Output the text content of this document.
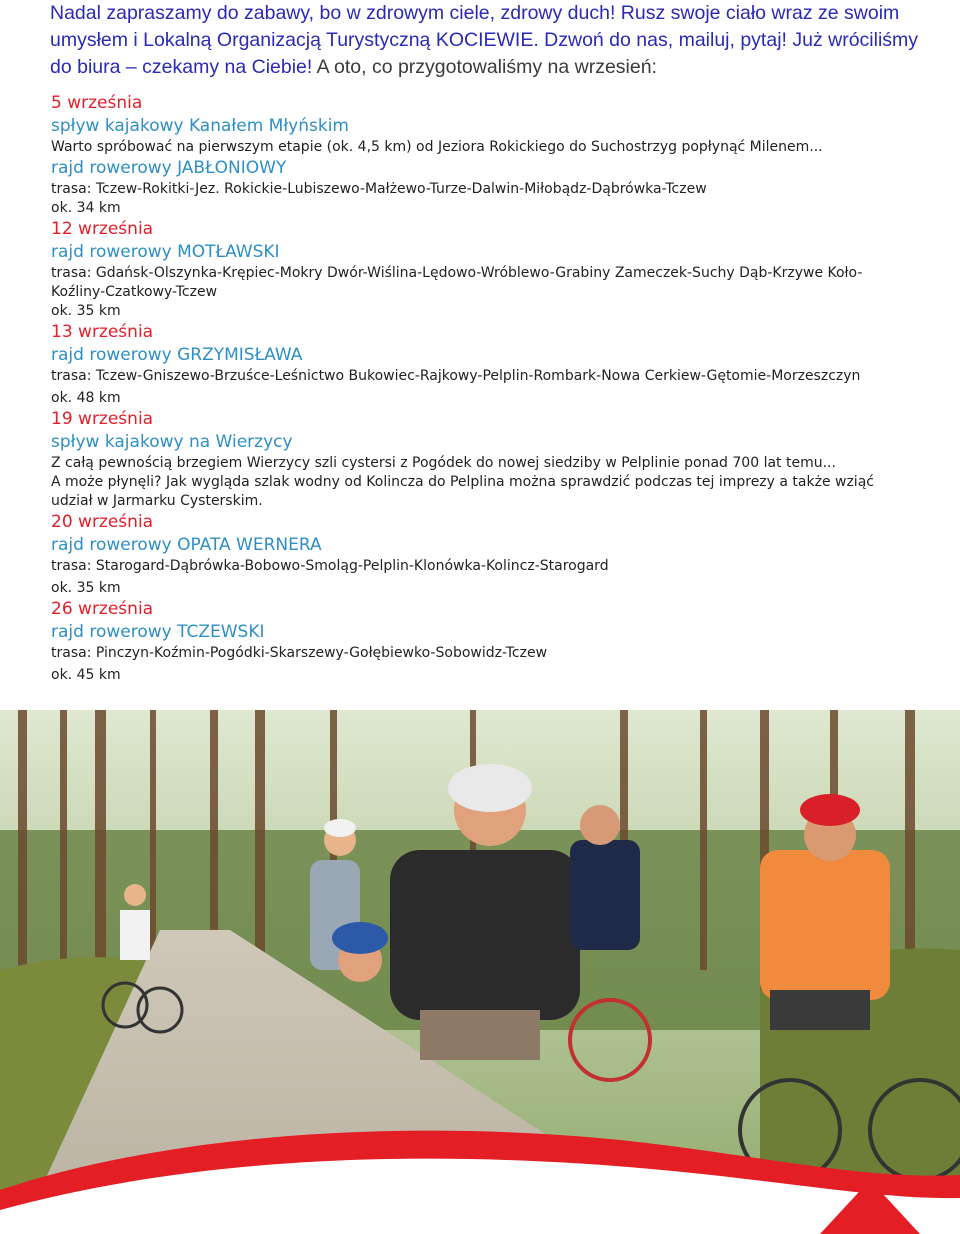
Nadal zapraszamy do zabawy, bo w zdrowym ciele, zdrowy duch! Rusz swoje ciało wraz ze swoim

umysłem i Lokalną Organizacją Turystyczną KOCIEWIE. Dzwoń do nas, mailuj, pytaj! Już wróciliśmy

do biura – czekamy na Ciebie! A oto, co przygotowaliśmy na wrzesień:

5 września

spływ kajakowy Kanałem Młyńskim

Warto spróbować na pierwszym etapie (ok. 4,5 km) od Jeziora Rokickiego do Suchostrzyg popłynąć Milenem...

rajd rowerowy JABŁONIOWY

trasa: Tczew-Rokitki-Jez. Rokickie-Lubiszewo-Małżewo-Turze-Dalwin-Miłobądz-Dąbrówka-Tczew

ok. 34 km

12 września

rajd rowerowy MOTŁAWSKI

trasa: Gdańsk-Olszynka-Krępiec-Mokry Dwór-Wiślina-Lędowo-Wróblewo-Grabiny Zameczek-Suchy Dąb-Krzywe Koło-

Koźliny-Czatkowy-Tczew

ok. 35 km

13 września

rajd rowerowy GRZYMISŁAWA

trasa: Tczew-Gniszewo-Brzuśce-Leśnictwo Bukowiec-Rajkowy-Pelplin-Rombark-Nowa Cerkiew-Gętomie-Morzeszczyn

ok. 48 km

19 września

spływ kajakowy na Wierzycy

Z całą pewnością brzegiem Wierzycy szli cystersi z Pogódek do nowej siedziby w Pelplinie ponad 700 lat temu...

A może płynęli? Jak wygląda szlak wodny od Kolincza do Pelplina można sprawdzić podczas tej imprezy a także wziąć

udział w Jarmarku Cysterskim.

20 września

rajd rowerowy OPATA WERNERA

trasa: Starogard-Dąbrówka-Bobowo-Smoląg-Pelplin-Klonówka-Kolincz-Starogard

ok. 35 km

26 września

rajd rowerowy TCZEWSKI

trasa: Pinczyn-Koźmin-Pogódki-Skarszewy-Gołębiewko-Sobowidz-Tczew

ok. 45 km
